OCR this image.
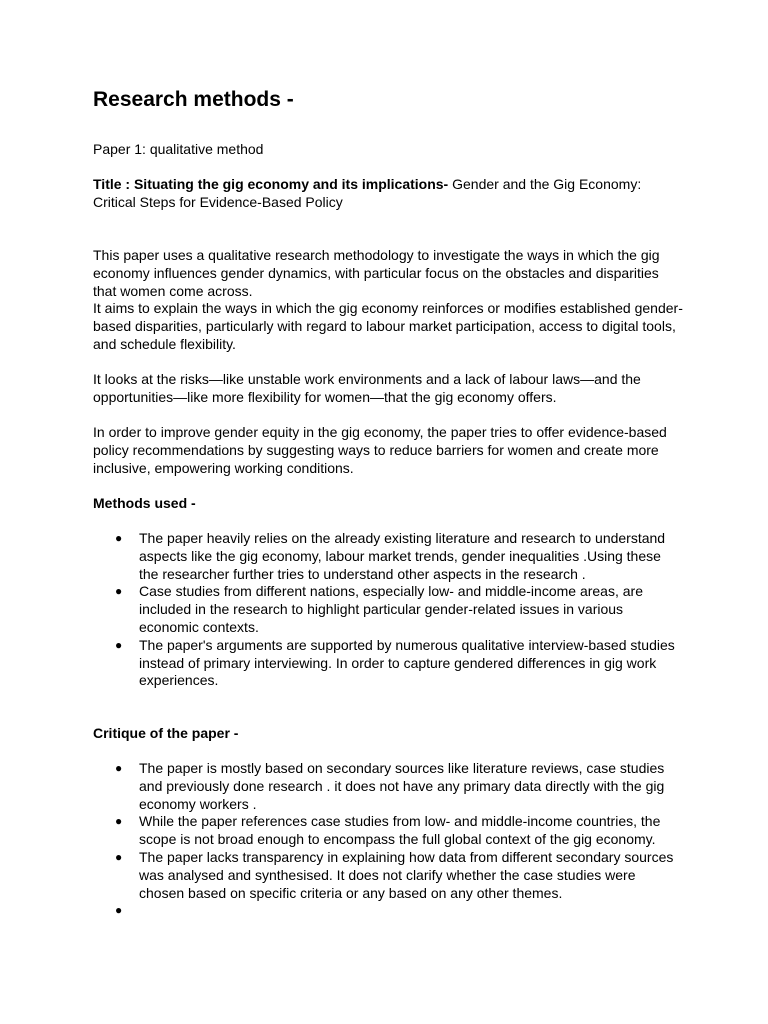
Research methods -

Paper 1: qualitative method

Title : Situating the gig economy and its implications- Gender and the Gig Economy: Critical Steps for Evidence-Based Policy

This paper uses a qualitative research methodology to investigate the ways in which the gig economy influences gender dynamics, with particular focus on the obstacles and disparities that women come across.

It aims to explain the ways in which the gig economy reinforces or modifies established gender-based disparities, particularly with regard to labour market participation, access to digital tools, and schedule flexibility.

It looks at the risks—like unstable work environments and a lack of labour laws—and the opportunities—like more flexibility for women—that the gig economy offers.

In order to improve gender equity in the gig economy, the paper tries to offer evidence-based policy recommendations by suggesting ways to reduce barriers for women and create more inclusive, empowering working conditions.

Methods used -

● The paper heavily relies on the already existing literature and research to understand aspects like the gig economy, labour market trends, gender inequalities .Using these the researcher further tries to understand other aspects in the research .
● Case studies from different nations, especially low- and middle-income areas, are included in the research to highlight particular gender-related issues in various economic contexts.
● The paper's arguments are supported by numerous qualitative interview-based studies instead of primary interviewing. In order to capture gendered differences in gig work experiences.

Critique of the paper -

● The paper is mostly based on secondary sources like literature reviews, case studies and previously done research . it does not have any primary data directly with the gig economy workers .
● While the paper references case studies from low- and middle-income countries, the scope is not broad enough to encompass the full global context of the gig economy.
● The paper lacks transparency in explaining how data from different secondary sources was analysed and synthesised. It does not clarify whether the case studies were chosen based on specific criteria or any based on any other themes.
●
